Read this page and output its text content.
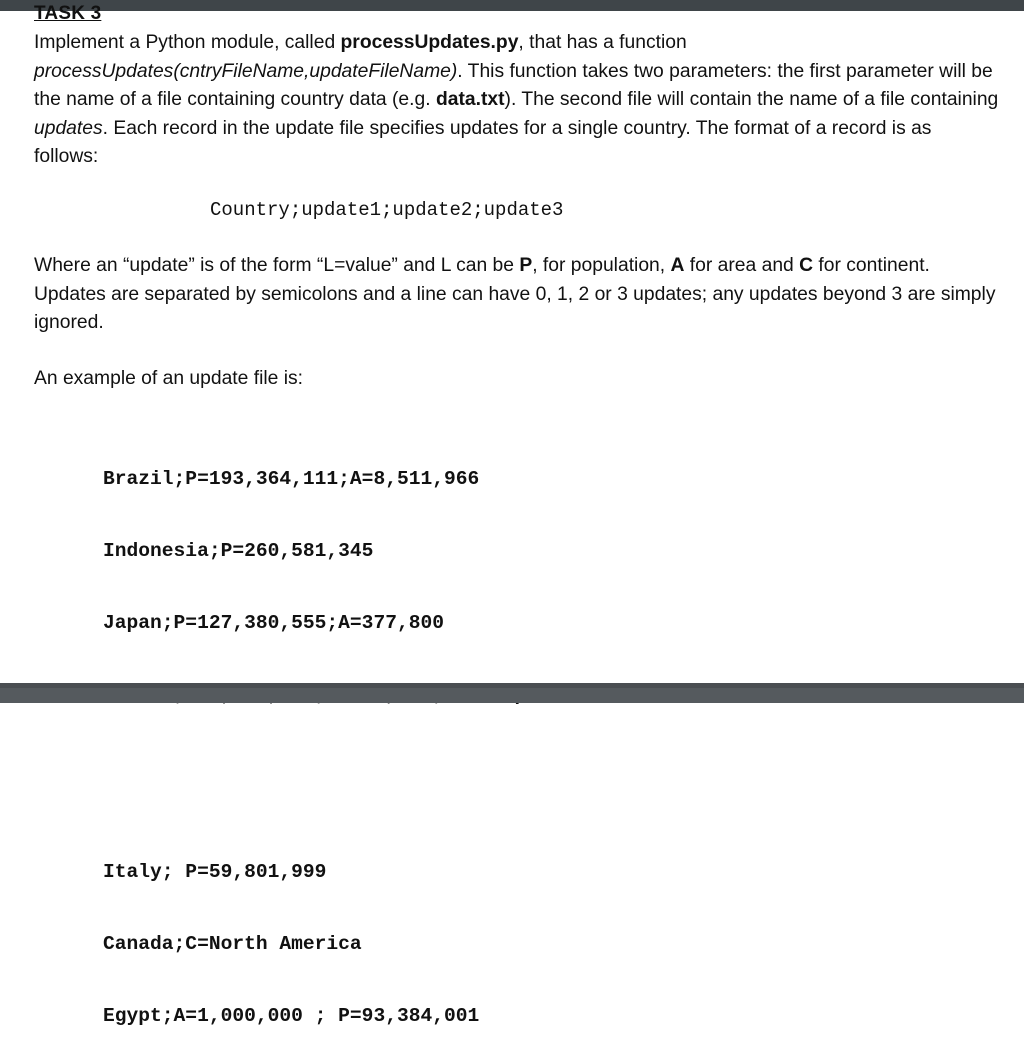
TASK 3

Implement a Python module, called processUpdates.py, that has a function processUpdates(cntryFileName,updateFileName). This function takes two parameters: the first parameter will be the name of a file containing country data (e.g. data.txt). The second file will contain the name of a file containing updates. Each record in the update file specifies updates for a single country. The format of a record is as follows:

Country;update1;update2;update3

Where an “update” is of the form “L=value” and L can be P, for population, A for area and C for continent. Updates are separated by semicolons and a line can have 0, 1, 2 or 3 updates; any updates beyond 3 are simply ignored.

An example of an update file is:

Brazil;P=193,364,111;A=8,511,966

Indonesia;P=260,581,345

Japan;P=127,380,555;A=377,800

Italy; P=59,801,999

Canada;C=North America

Egypt;A=1,000,000 ; P=93,384,001
